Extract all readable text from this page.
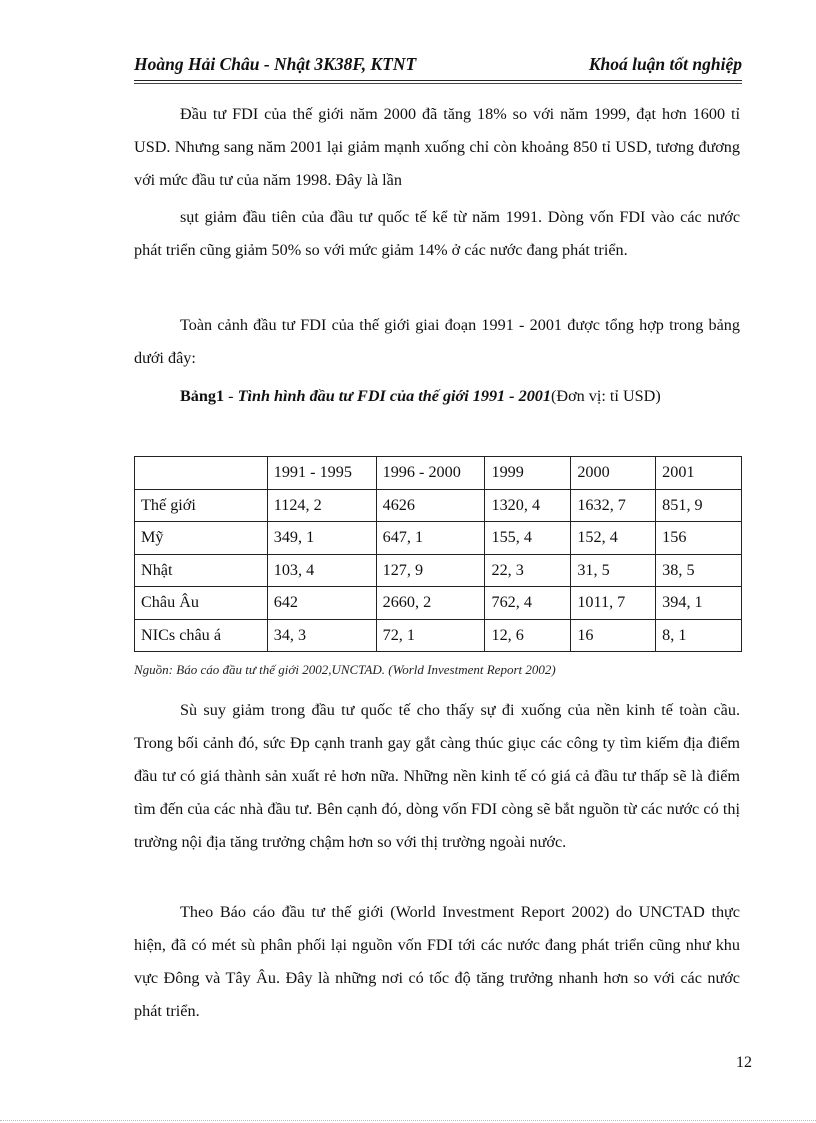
Hoàng Hải Châu - Nhật 3K38F, KTNT	Khoá luận tốt nghiệp

Đầu tư FDI của thế giới năm 2000 đã tăng 18% so với năm 1999, đạt hơn 1600 tỉ USD. Nhưng sang năm 2001 lại giảm mạnh xuống chỉ còn khoảng 850 tỉ USD, tương đương với mức đầu tư của năm 1998. Đây là lần

sụt giảm đầu tiên của đầu tư quốc tế kể từ năm 1991. Dòng vốn FDI vào các nước phát triển cũng giảm 50% so với mức giảm 14% ở các nước đang phát triển.

Toàn cảnh đầu tư FDI của thế giới giai đoạn 1991 - 2001 được tổng hợp trong bảng dưới đây:

Bảng1 - Tình hình đầu tư FDI của thế giới 1991 - 2001(Đơn vị: tỉ USD)

	1991 - 1995	1996 - 2000	1999	2000	2001
Thế giới	1124, 2	4626	1320, 4	1632, 7	851, 9
Mỹ	349, 1	647, 1	155, 4	152, 4	156
Nhật	103, 4	127, 9	22, 3	31, 5	38, 5
Châu Âu	642	2660, 2	762, 4	1011, 7	394, 1
NICs châu á	34, 3	72, 1	12, 6	16	8, 1
Nguồn: Báo cáo đầu tư thế giới 2002,UNCTAD. (World Investment Report 2002)

Sù suy giảm trong đầu tư quốc tế cho thấy sự đi xuống của nền kinh tế toàn cầu. Trong bối cảnh đó, sức Ðp cạnh tranh gay gắt càng thúc giục các công ty tìm kiếm địa điểm đầu tư có giá thành sản xuất rẻ hơn nữa. Những nền kinh tế có giá cả đầu tư thấp sẽ là điểm tìm đến của các nhà đầu tư. Bên cạnh đó, dòng vốn FDI còng sẽ bắt nguồn từ các nước có thị trường nội địa tăng trưởng chậm hơn so với thị trường ngoài nước.

Theo Báo cáo đầu tư thế giới (World Investment Report 2002) do UNCTAD thực hiện, đã có mét sù phân phối lại nguồn vốn FDI tới các nước đang phát triển cũng như khu vực Đông và Tây Âu. Đây là những nơi có tốc độ tăng trưởng nhanh hơn so với các nước phát triển.

12
